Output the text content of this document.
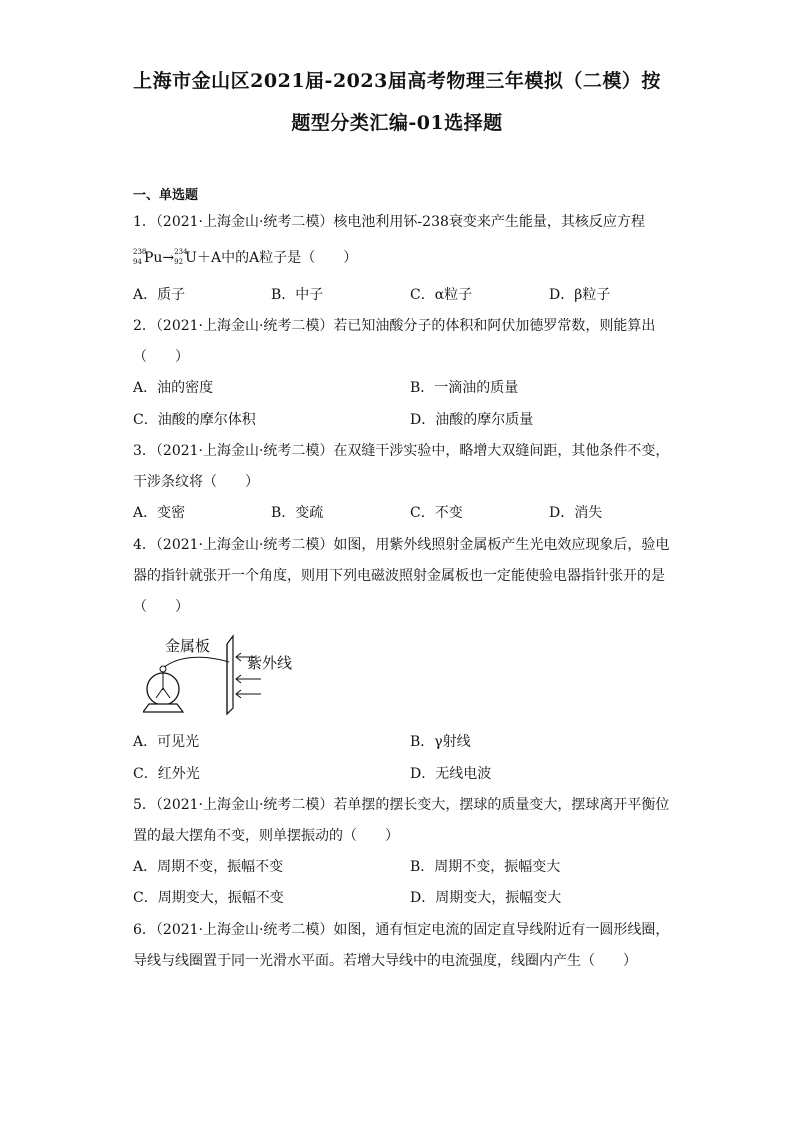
上海市金山区2021届-2023届高考物理三年模拟（二模）按
题型分类汇编-01选择题
一、单选题
1．（2021·上海金山·统考二模）核电池利用钚-238衰变来产生能量，其核反应方程
238
94 Pu→ 234
92 U＋A中的A粒子是（　　）
A．质子	B．中子	C．α粒子	D．β粒子
2．（2021·上海金山·统考二模）若已知油酸分子的体积和阿伏加德罗常数，则能算出
（　　）
A．油的密度	B．一滴油的质量
C．油酸的摩尔体积	D．油酸的摩尔质量
3．（2021·上海金山·统考二模）在双缝干涉实验中，略增大双缝间距，其他条件不变，
干涉条纹将（　　）
A．变密	B．变疏	C．不变	D．消失
4．（2021·上海金山·统考二模）如图，用紫外线照射金属板产生光电效应现象后，验电
器的指针就张开一个角度，则用下列电磁波照射金属板也一定能使验电器指针张开的是
（　　）
金属板
紫外线
A．可见光	B．γ射线
C．红外光	D．无线电波
5．（2021·上海金山·统考二模）若单摆的摆长变大，摆球的质量变大，摆球离开平衡位
置的最大摆角不变，则单摆振动的（　　）
A．周期不变，振幅不变	B．周期不变，振幅变大
C．周期变大，振幅不变	D．周期变大，振幅变大
6．（2021·上海金山·统考二模）如图，通有恒定电流的固定直导线附近有一圆形线圈，
导线与线圈置于同一光滑水平面。若增大导线中的电流强度，线圈内产生（　　）
